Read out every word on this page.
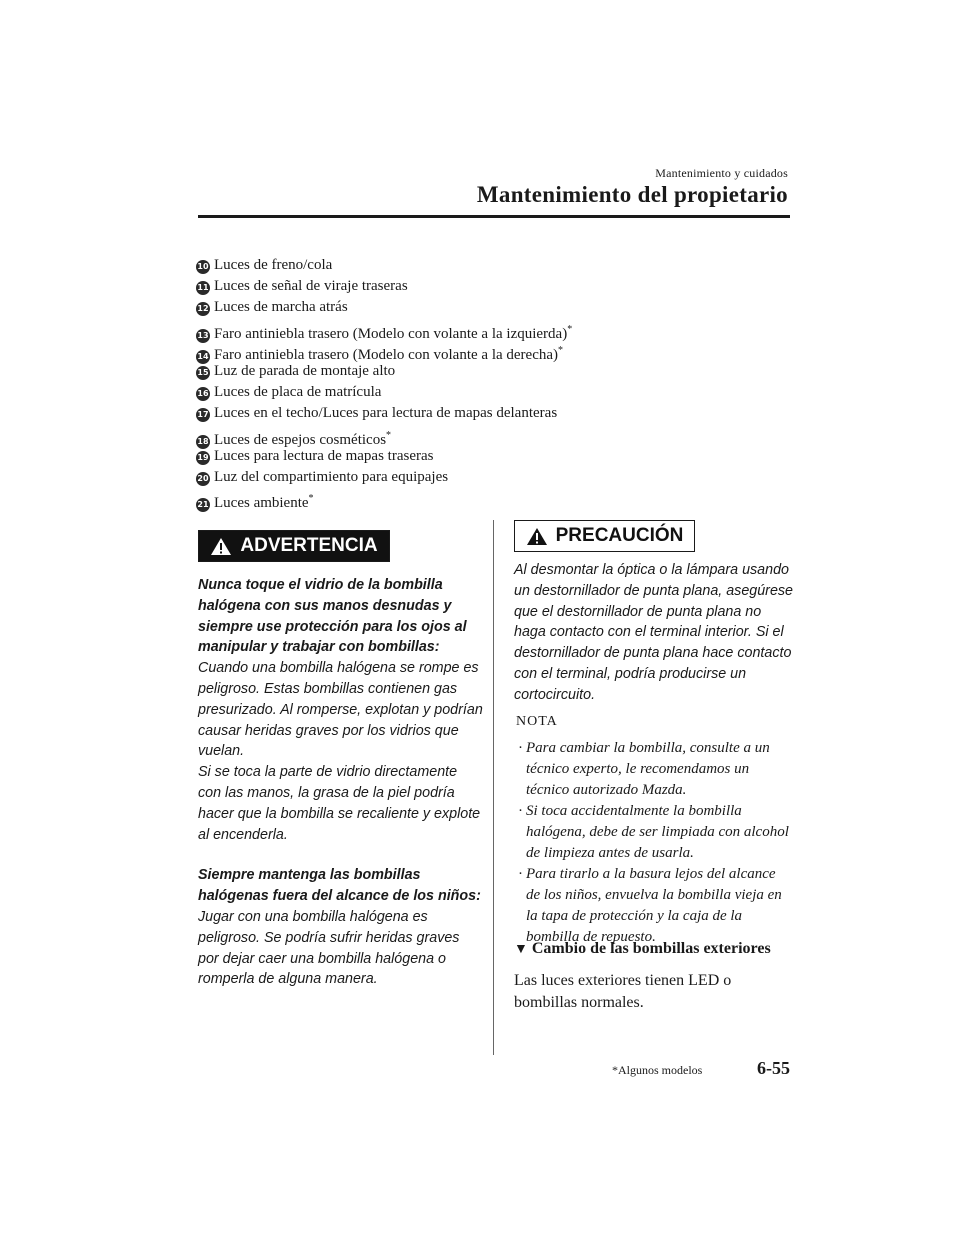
Mantenimiento y cuidados
Mantenimiento del propietario
10 Luces de freno/cola
11 Luces de señal de viraje traseras
12 Luces de marcha atrás
13 Faro antiniebla trasero (Modelo con volante a la izquierda)*
14 Faro antiniebla trasero (Modelo con volante a la derecha)*
15 Luz de parada de montaje alto
16 Luces de placa de matrícula
17 Luces en el techo/Luces para lectura de mapas delanteras
18 Luces de espejos cosméticos*
19 Luces para lectura de mapas traseras
20 Luz del compartimiento para equipajes
21 Luces ambiente*
ADVERTENCIA

Nunca toque el vidrio de la bombilla halógena con sus manos desnudas y siempre use protección para los ojos al manipular y trabajar con bombillas:

Cuando una bombilla halógena se rompe es peligroso. Estas bombillas contienen gas presurizado. Al romperse, explotan y podrían causar heridas graves por los vidrios que vuelan.

Si se toca la parte de vidrio directamente con las manos, la grasa de la piel podría hacer que la bombilla se recaliente y explote al encenderla.

Siempre mantenga las bombillas halógenas fuera del alcance de los niños:

Jugar con una bombilla halógena es peligroso. Se podría sufrir heridas graves por dejar caer una bombilla halógena o romperla de alguna manera.

PRECAUCIÓN

Al desmontar la óptica o la lámpara usando un destornillador de punta plana, asegúrese que el destornillador de punta plana no haga contacto con el terminal interior. Si el destornillador de punta plana hace contacto con el terminal, podría producirse un cortocircuito.

NOTA
· Para cambiar la bombilla, consulte a un técnico experto, le recomendamos un técnico autorizado Mazda.
· Si toca accidentalmente la bombilla halógena, debe de ser limpiada con alcohol de limpieza antes de usarla.
· Para tirarlo a la basura lejos del alcance de los niños, envuelva la bombilla vieja en la tapa de protección y la caja de la bombilla de repuesto.
▼ Cambio de las bombillas exteriores

Las luces exteriores tienen LED o bombillas normales.

*Algunos modelos	6-55
